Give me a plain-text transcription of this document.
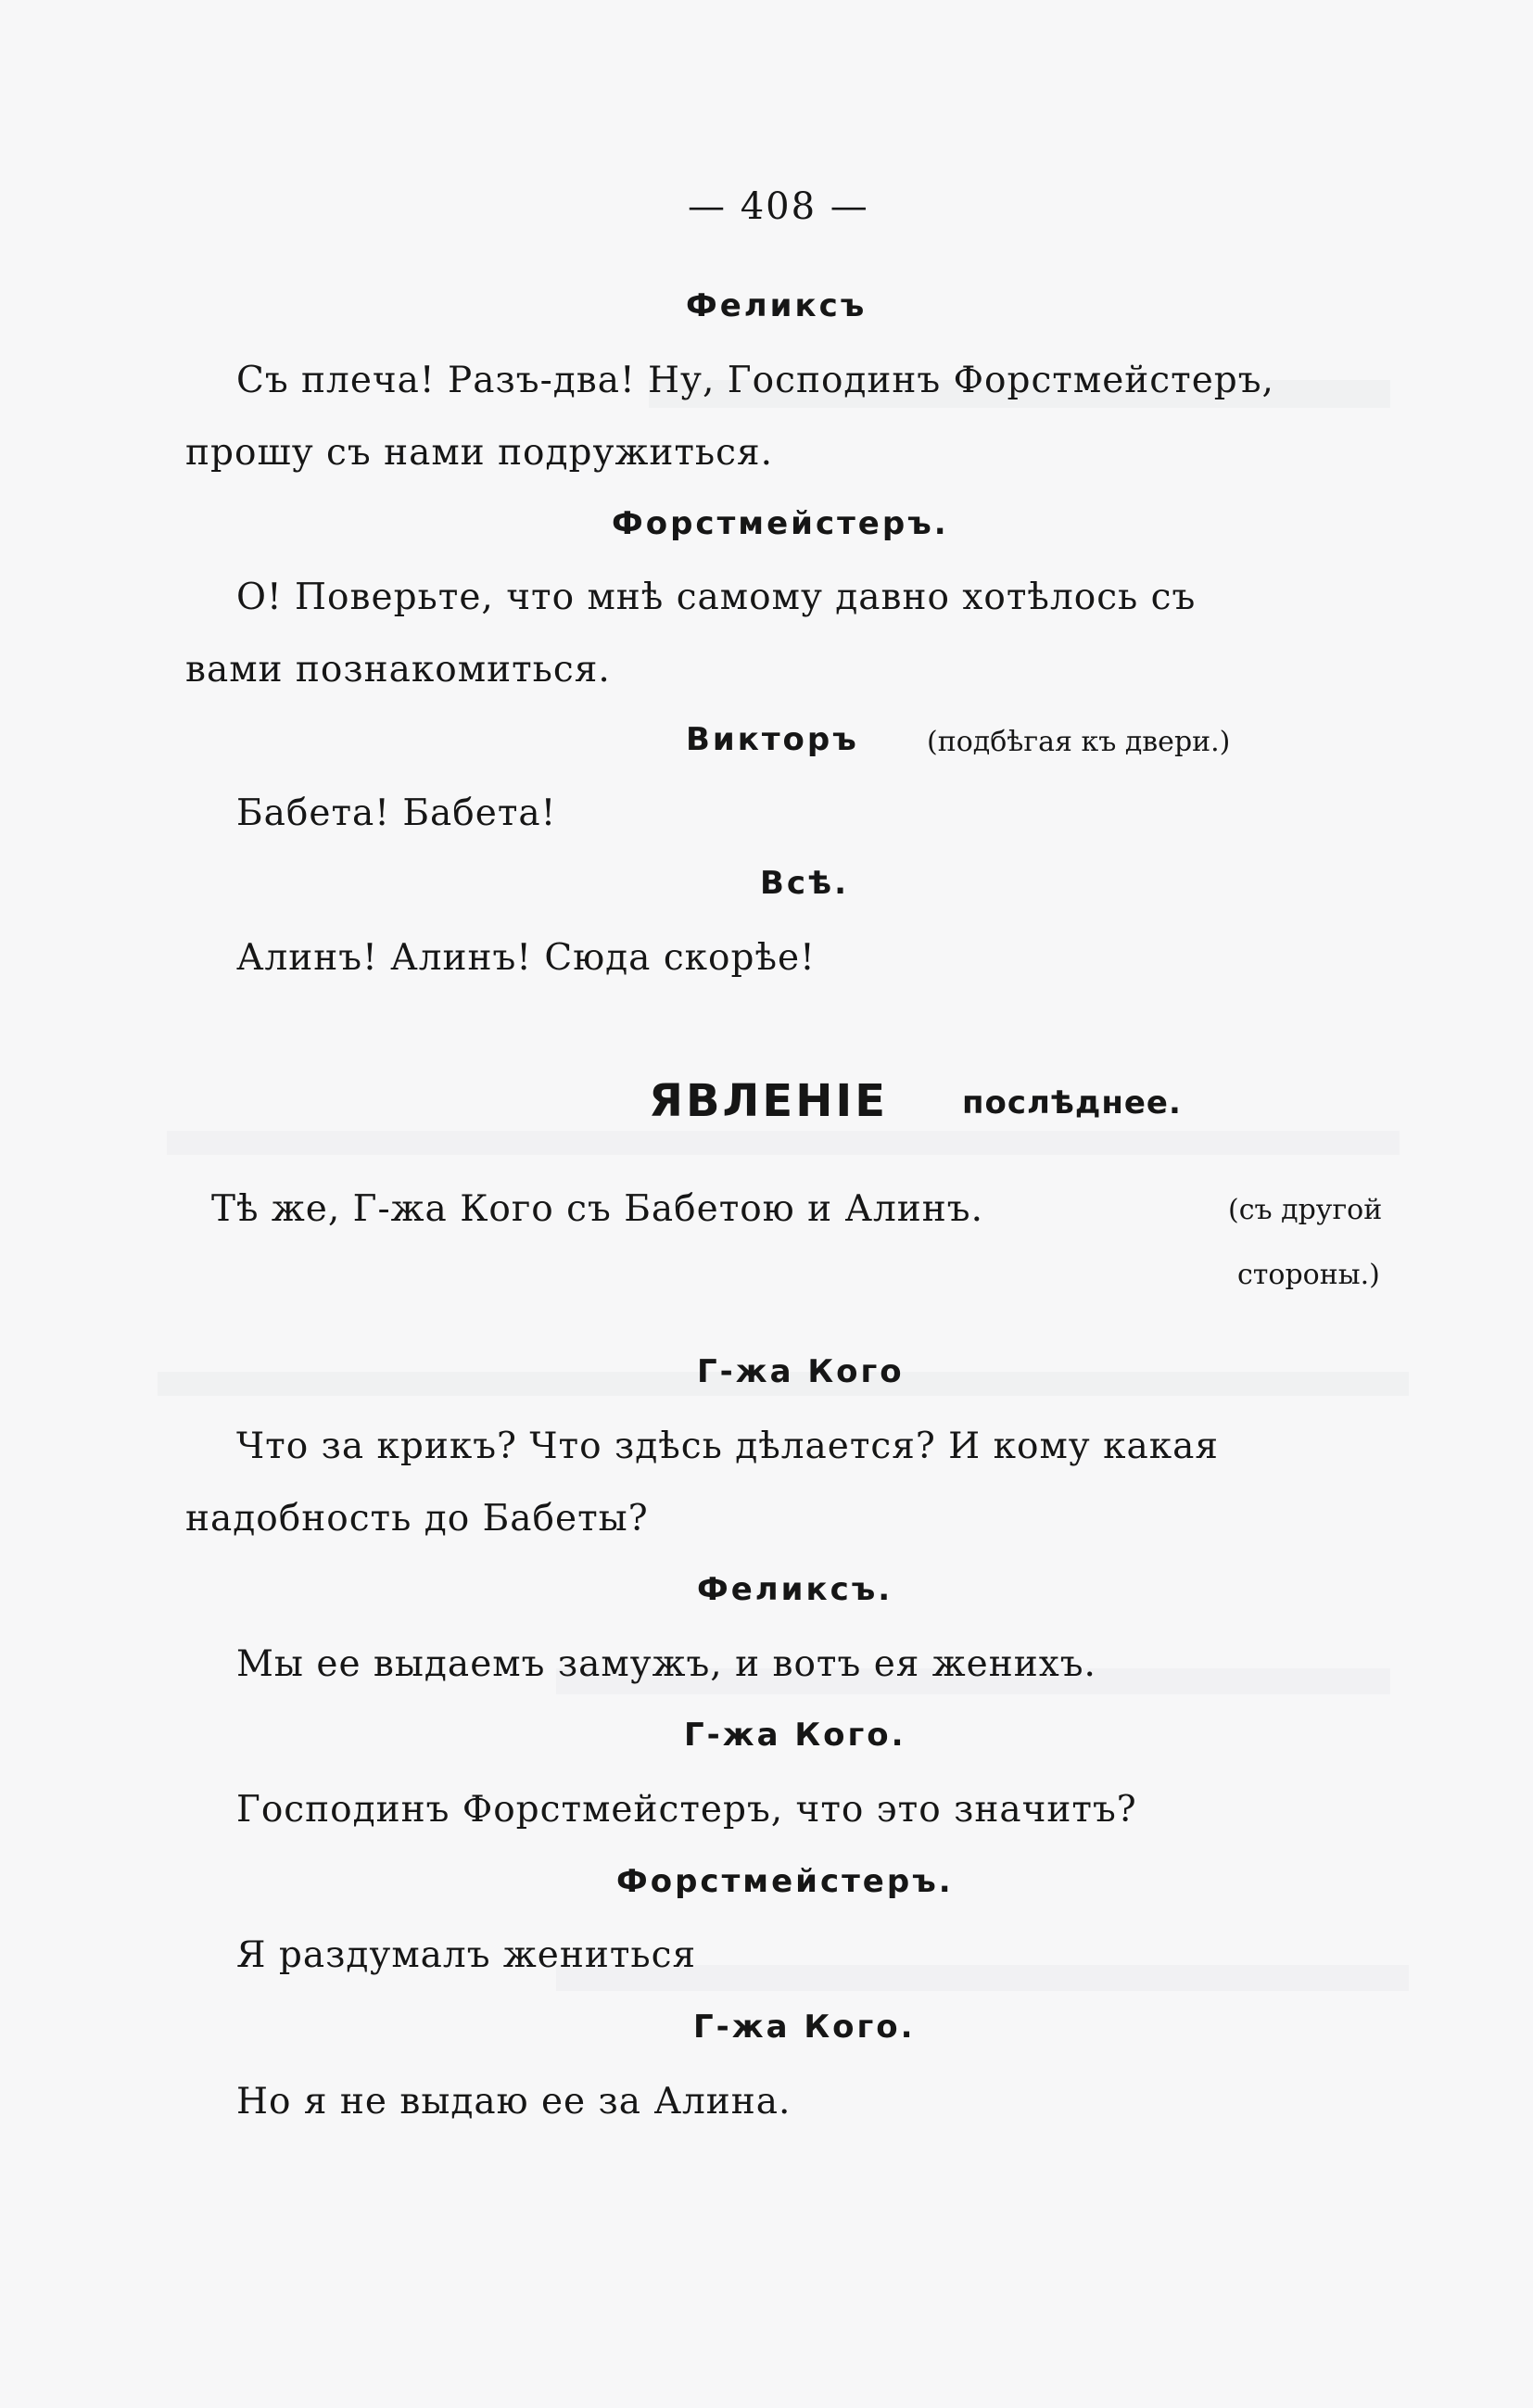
— 408 —
Феликсъ
Съ плеча! Разъ-два! Ну, Господинъ Форстмейстеръ,
прошу съ нами подружиться.
Форстмейстеръ.
О! Поверьте, что мнѣ самому давно хотѣлось съ
вами познакомиться.
Викторъ (подбѣгая къ двери.)
Бабета! Бабета!
Всѣ.
Алинъ! Алинъ! Сюда скорѣе!
ЯВЛЕНІЕ послѣднее.
Тѣ же, Г-жа Кого съ Бабетою и Алинъ.	(съ другой
стороны.)
Г-жа Кого
Что за крикъ? Что здѣсь дѣлается? И кому какая
надобность до Бабеты?
Феликсъ.
Мы ее выдаемъ замужъ, и вотъ ея женихъ.
Г-жа Кого.
Господинъ Форстмейстеръ, что это значитъ?
Форстмейстеръ.
Я раздумалъ жениться
Г-жа Кого.
Но я не выдаю ее за Алина.
